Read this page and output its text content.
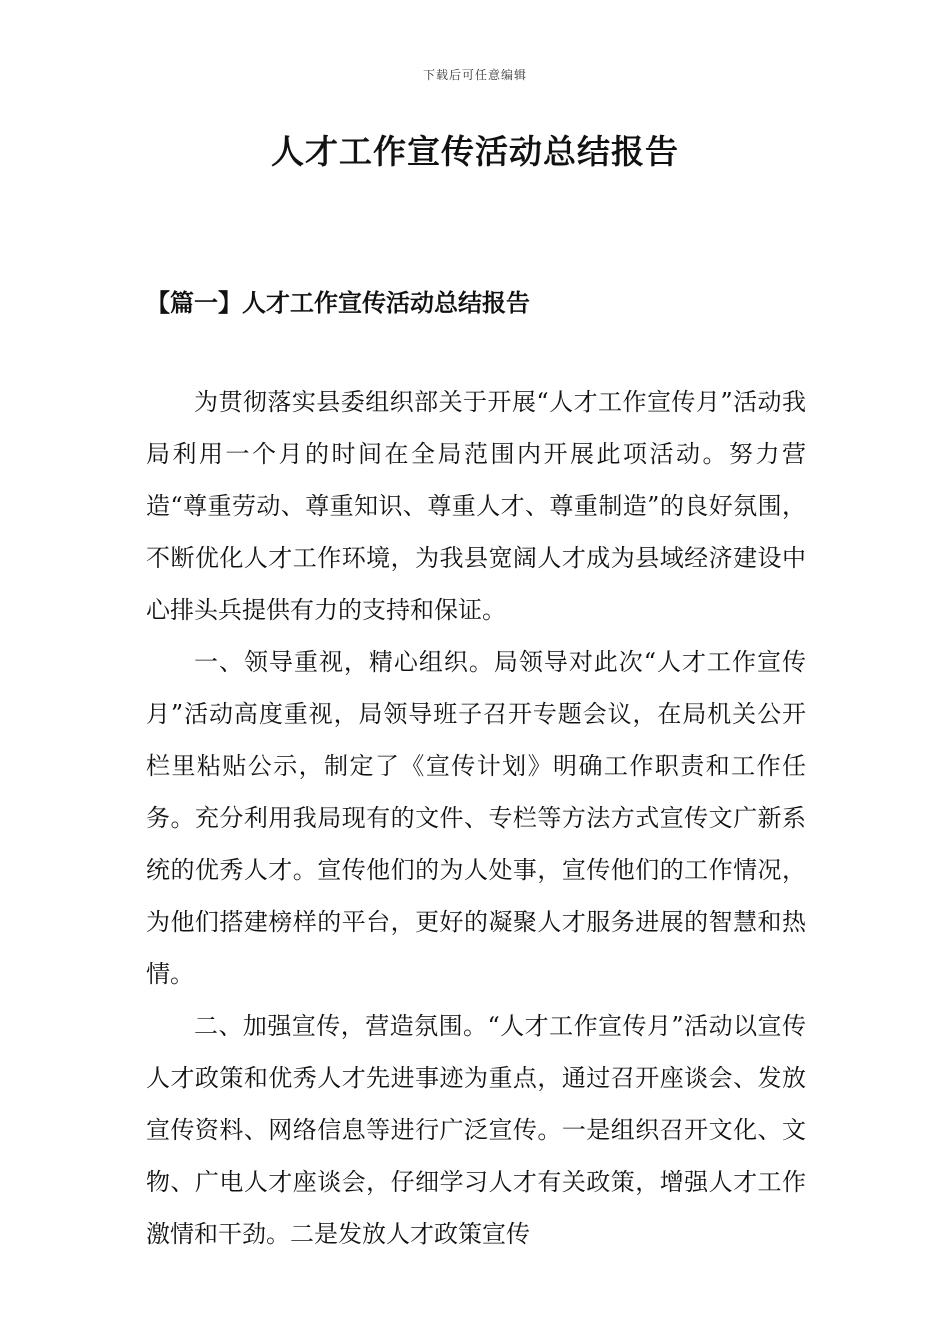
下载后可任意编辑
人才工作宣传活动总结报告
【篇一】人才工作宣传活动总结报告

为贯彻落实县委组织部关于开展“人才工作宣传月”活动我局利用一个月的时间在全局范围内开展此项活动。努力营造“尊重劳动、尊重知识、尊重人才、尊重制造”的良好氛围，不断优化人才工作环境，为我县宽阔人才成为县域经济建设中心排头兵提供有力的支持和保证。

一、领导重视，精心组织。局领导对此次“人才工作宣传月”活动高度重视，局领导班子召开专题会议，在局机关公开栏里粘贴公示，制定了《宣传计划》明确工作职责和工作任务。充分利用我局现有的文件、专栏等方法方式宣传文广新系统的优秀人才。宣传他们的为人处事，宣传他们的工作情况，为他们搭建榜样的平台，更好的凝聚人才服务进展的智慧和热情。

二、加强宣传，营造氛围。“人才工作宣传月”活动以宣传人才政策和优秀人才先进事迹为重点，通过召开座谈会、发放宣传资料、网络信息等进行广泛宣传。一是组织召开文化、文物、广电人才座谈会，仔细学习人才有关政策，增强人才工作激情和干劲。二是发放人才政策宣传
